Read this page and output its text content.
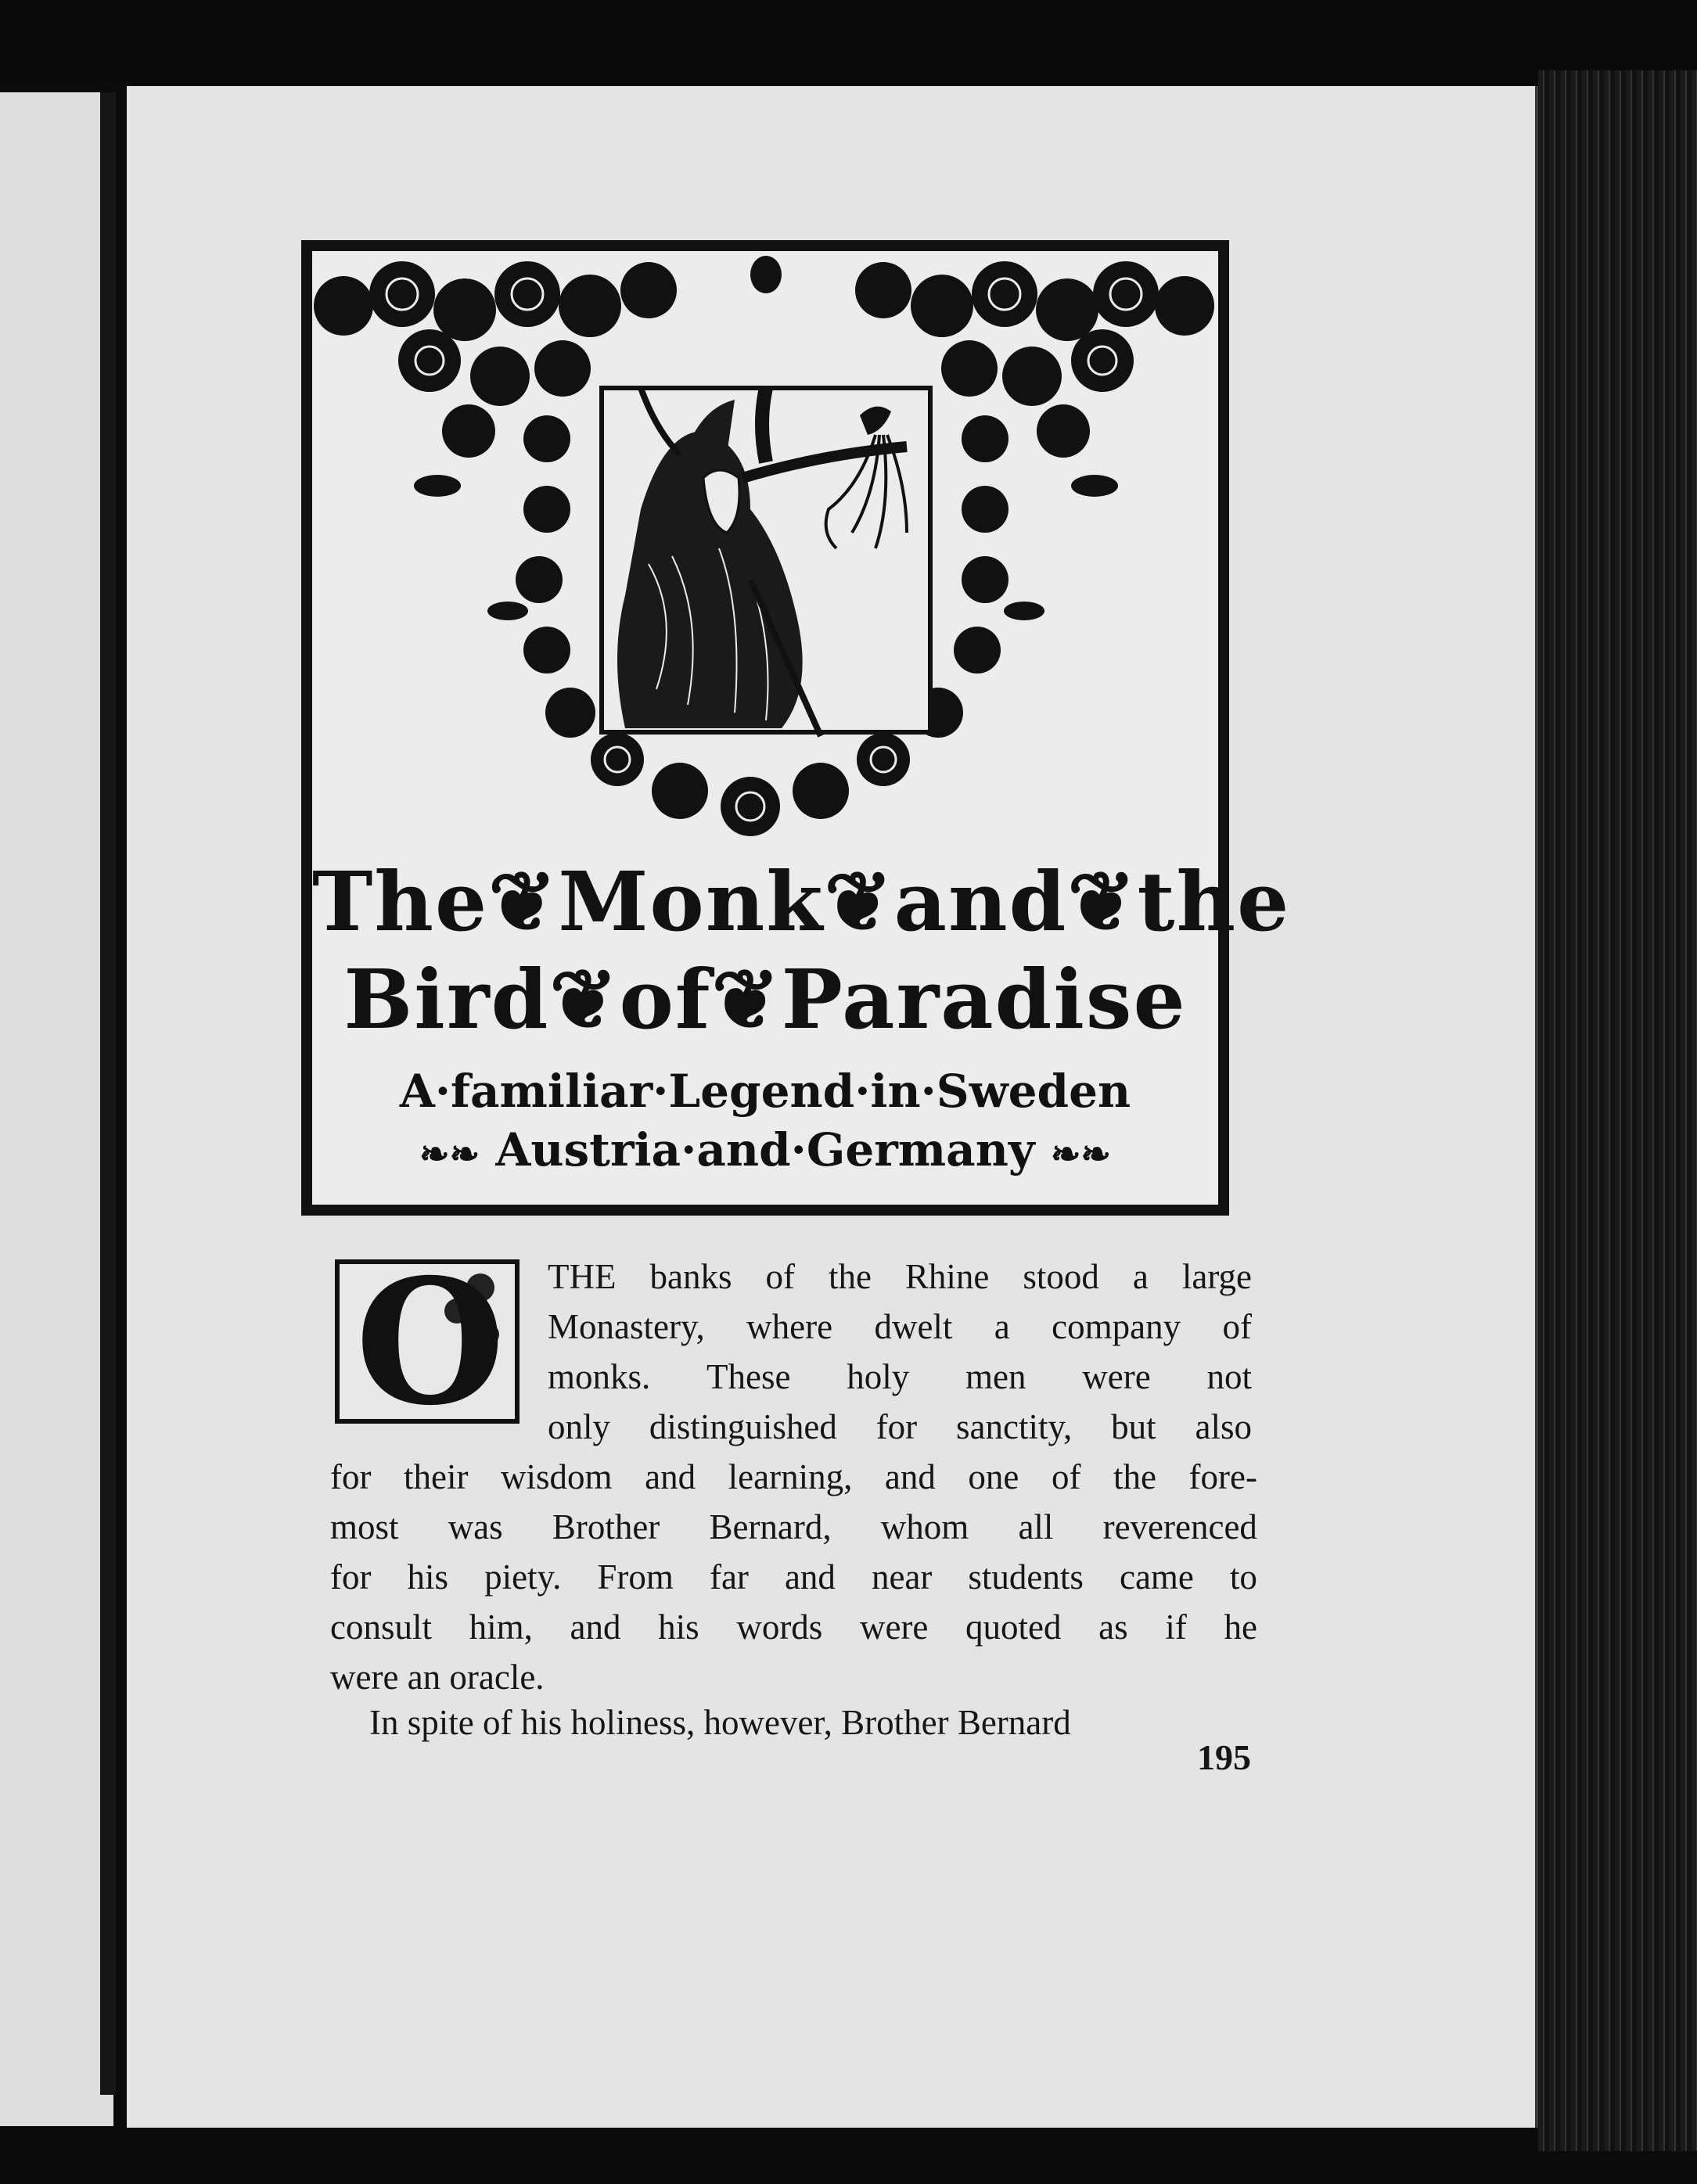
The❦Monk❦and❦the
Bird❦of❦Paradise
A·familiar·Legend·in·Sweden
❧❧ Austria·and·Germany ❧❧
O THE banks of the Rhine stood a large
Monastery, where dwelt a company of
monks. These holy men were not
only distinguished for sanctity, but also
for their wisdom and learning, and one of the fore-
most was Brother Bernard, whom all reverenced
for his piety. From far and near students came to
consult him, and his words were quoted as if he
were an oracle.
In spite of his holiness, however, Brother Bernard
195
